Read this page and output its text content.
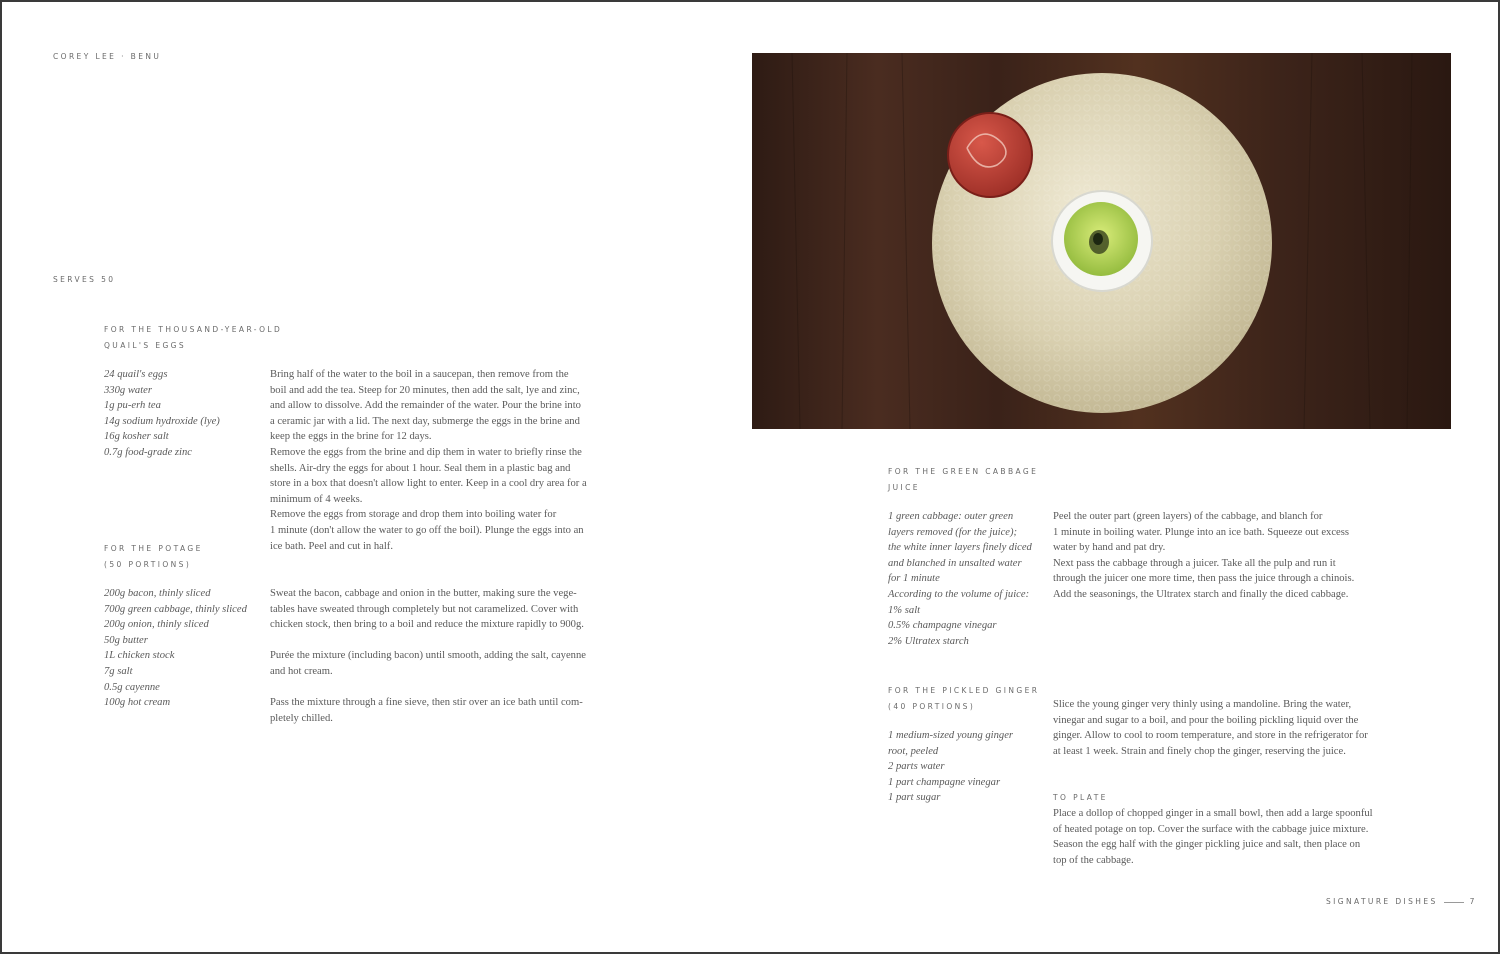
COREY LEE · BENU
SERVES 50
FOR THE THOUSAND-YEAR-OLD
QUAIL'S EGGS
24 quail's eggs
330g water
1g pu-erh tea
14g sodium hydroxide (lye)
16g kosher salt
0.7g food-grade zinc
Bring half of the water to the boil in a saucepan, then remove from the
boil and add the tea. Steep for 20 minutes, then add the salt, lye and zinc,
and allow to dissolve. Add the remainder of the water. Pour the brine into
a ceramic jar with a lid. The next day, submerge the eggs in the brine and
keep the eggs in the brine for 12 days.
Remove the eggs from the brine and dip them in water to briefly rinse the
shells. Air-dry the eggs for about 1 hour. Seal them in a plastic bag and
store in a box that doesn't allow light to enter. Keep in a cool dry area for a
minimum of 4 weeks.
Remove the eggs from storage and drop them into boiling water for
1 minute (don't allow the water to go off the boil). Plunge the eggs into an
ice bath. Peel and cut in half.
FOR THE POTAGE
(50 PORTIONS)
200g bacon, thinly sliced
700g green cabbage, thinly sliced
200g onion, thinly sliced
50g butter
1L chicken stock
7g salt
0.5g cayenne
100g hot cream
Sweat the bacon, cabbage and onion in the butter, making sure the vege-
tables have sweated through completely but not caramelized. Cover with
chicken stock, then bring to a boil and reduce the mixture rapidly to 900g.
Purée the mixture (including bacon) until smooth, adding the salt, cayenne
and hot cream.
Pass the mixture through a fine sieve, then stir over an ice bath until com-
pletely chilled.
FOR THE GREEN CABBAGE
JUICE
1 green cabbage: outer green
layers removed (for the juice);
the white inner layers finely diced
and blanched in unsalted water
for 1 minute
According to the volume of juice:
1% salt
0.5% champagne vinegar
2% Ultratex starch
Peel the outer part (green layers) of the cabbage, and blanch for
1 minute in boiling water. Plunge into an ice bath. Squeeze out excess
water by hand and pat dry.
Next pass the cabbage through a juicer. Take all the pulp and run it
through the juicer one more time, then pass the juice through a chinois.
Add the seasonings, the Ultratex starch and finally the diced cabbage.
FOR THE PICKLED GINGER
(40 PORTIONS)
1 medium-sized young ginger
root, peeled
2 parts water
1 part champagne vinegar
1 part sugar
Slice the young ginger very thinly using a mandoline. Bring the water,
vinegar and sugar to a boil, and pour the boiling pickling liquid over the
ginger. Allow to cool to room temperature, and store in the refrigerator for
at least 1 week. Strain and finely chop the ginger, reserving the juice.
TO PLATE
Place a dollop of chopped ginger in a small bowl, then add a large spoonful
of heated potage on top. Cover the surface with the cabbage juice mixture.
Season the egg half with the ginger pickling juice and salt, then place on
top of the cabbage.
SIGNATURE DISHES	7
